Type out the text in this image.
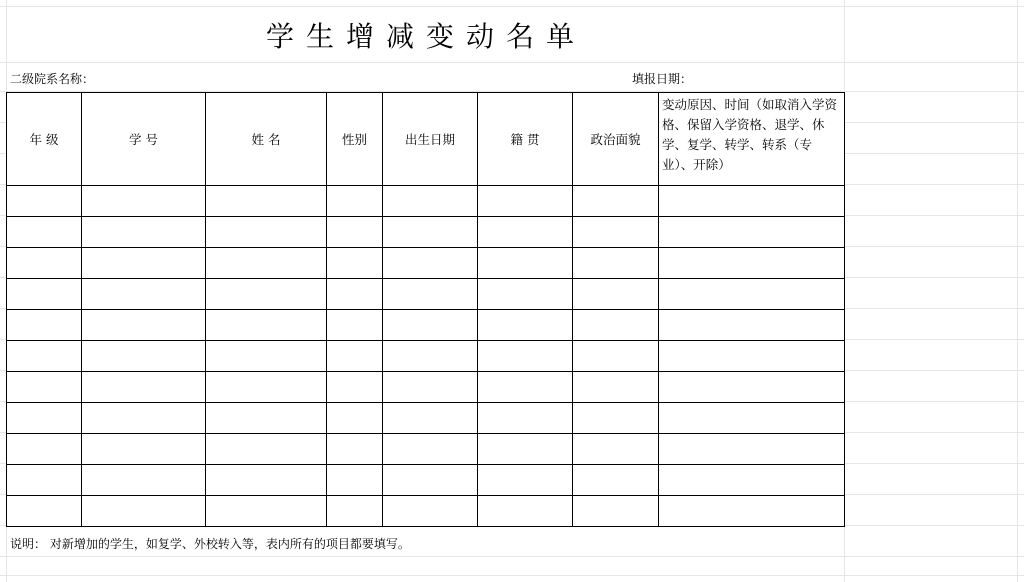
学生增减变动名单
二级院系名称：	填报日期：
年 级	学 号	姓 名	性别	出生日期	籍 贯	政治面貌	变动原因、时间（如取消入学资格、保留入学资格、退学、休学、复学、转学、转系（专业）、开除）

说明： 对新增加的学生，如复学、外校转入等，表内所有的项目都要填写。
